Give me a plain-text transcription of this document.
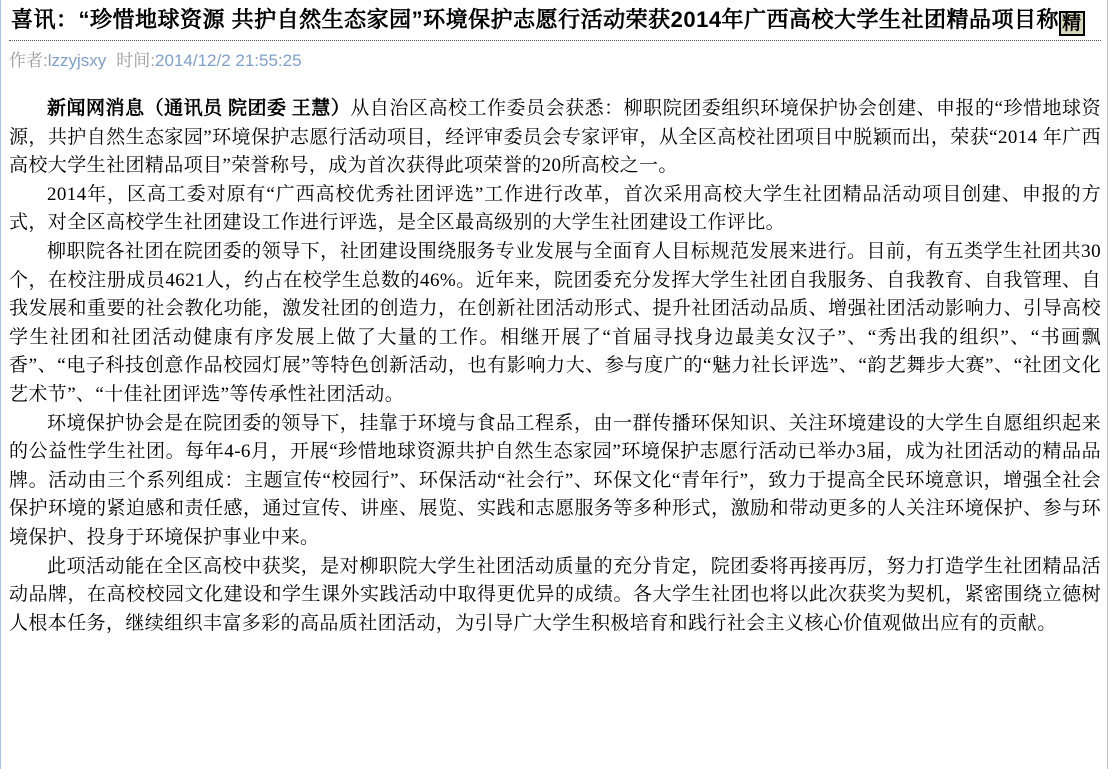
喜讯：“珍惜地球资源 共护自然生态家园”环境保护志愿行活动荣获2014年广西高校大学生社团精品项目称 精
作者:lzzyjsxy 时间:2014/12/2 21:55:25

新闻网消息（通讯员 院团委 王慧）从自治区高校工作委员会获悉：柳职院团委组织环境保护协会创建、申报的“珍惜地球资源，共护自然生态家园”环境保护志愿行活动项目，经评审委员会专家评审，从全区高校社团项目中脱颖而出，荣获“2014 年广西高校大学生社团精品项目”荣誉称号，成为首次获得此项荣誉的20所高校之一。

2014年，区高工委对原有“广西高校优秀社团评选”工作进行改革，首次采用高校大学生社团精品活动项目创建、申报的方式，对全区高校学生社团建设工作进行评选，是全区最高级别的大学生社团建设工作评比。

柳职院各社团在院团委的领导下，社团建设围绕服务专业发展与全面育人目标规范发展来进行。目前，有五类学生社团共30个，在校注册成员4621人，约占在校学生总数的46%。近年来，院团委充分发挥大学生社团自我服务、自我教育、自我管理、自我发展和重要的社会教化功能，激发社团的创造力，在创新社团活动形式、提升社团活动品质、增强社团活动影响力、引导高校学生社团和社团活动健康有序发展上做了大量的工作。相继开展了“首届寻找身边最美女汉子”、“秀出我的组织”、“书画飘香”、“电子科技创意作品校园灯展”等特色创新活动，也有影响力大、参与度广的“魅力社长评选”、“韵艺舞步大赛”、“社团文化艺术节”、“十佳社团评选”等传承性社团活动。

环境保护协会是在院团委的领导下，挂靠于环境与食品工程系，由一群传播环保知识、关注环境建设的大学生自愿组织起来的公益性学生社团。每年4-6月，开展“珍惜地球资源共护自然生态家园”环境保护志愿行活动已举办3届，成为社团活动的精品品牌。活动由三个系列组成：主题宣传“校园行”、环保活动“社会行”、环保文化“青年行”，致力于提高全民环境意识，增强全社会保护环境的紧迫感和责任感，通过宣传、讲座、展览、实践和志愿服务等多种形式，激励和带动更多的人关注环境保护、参与环境保护、投身于环境保护事业中来。

此项活动能在全区高校中获奖，是对柳职院大学生社团活动质量的充分肯定，院团委将再接再厉，努力打造学生社团精品活动品牌，在高校校园文化建设和学生课外实践活动中取得更优异的成绩。各大学生社团也将以此次获奖为契机，紧密围绕立德树人根本任务，继续组织丰富多彩的高品质社团活动，为引导广大学生积极培育和践行社会主义核心价值观做出应有的贡献。
